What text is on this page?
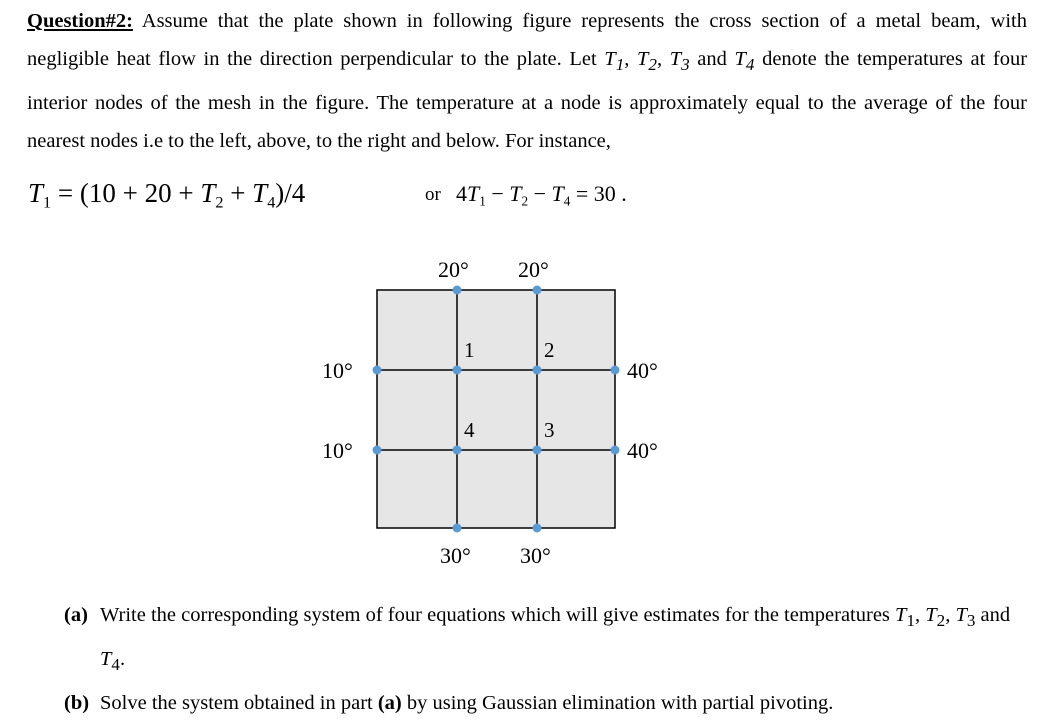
Question#2: Assume that the plate shown in following figure represents the cross section of a metal beam, with negligible heat flow in the direction perpendicular to the plate. Let $T_1$, $T_2$, $T_3$ and $T_4$ denote the temperatures at four interior nodes of the mesh in the figure. The temperature at a node is approximately equal to the average of the four nearest nodes i.e to the left, above, to the right and below. For instance,
$T_1 = (10 + 20 + T_2 + T_4)/4$	or $4T_1 - T_2 - T_4 = 30$ .
20° 20°
30° 30°
10°
10°
40°
40°
1	2
4	3
(a) Write the corresponding system of four equations which will give estimates for the temperatures $T_1$, $T_2$, $T_3$ and $T_4$.
(b) Solve the system obtained in part (a) by using Gaussian elimination with partial pivoting.
